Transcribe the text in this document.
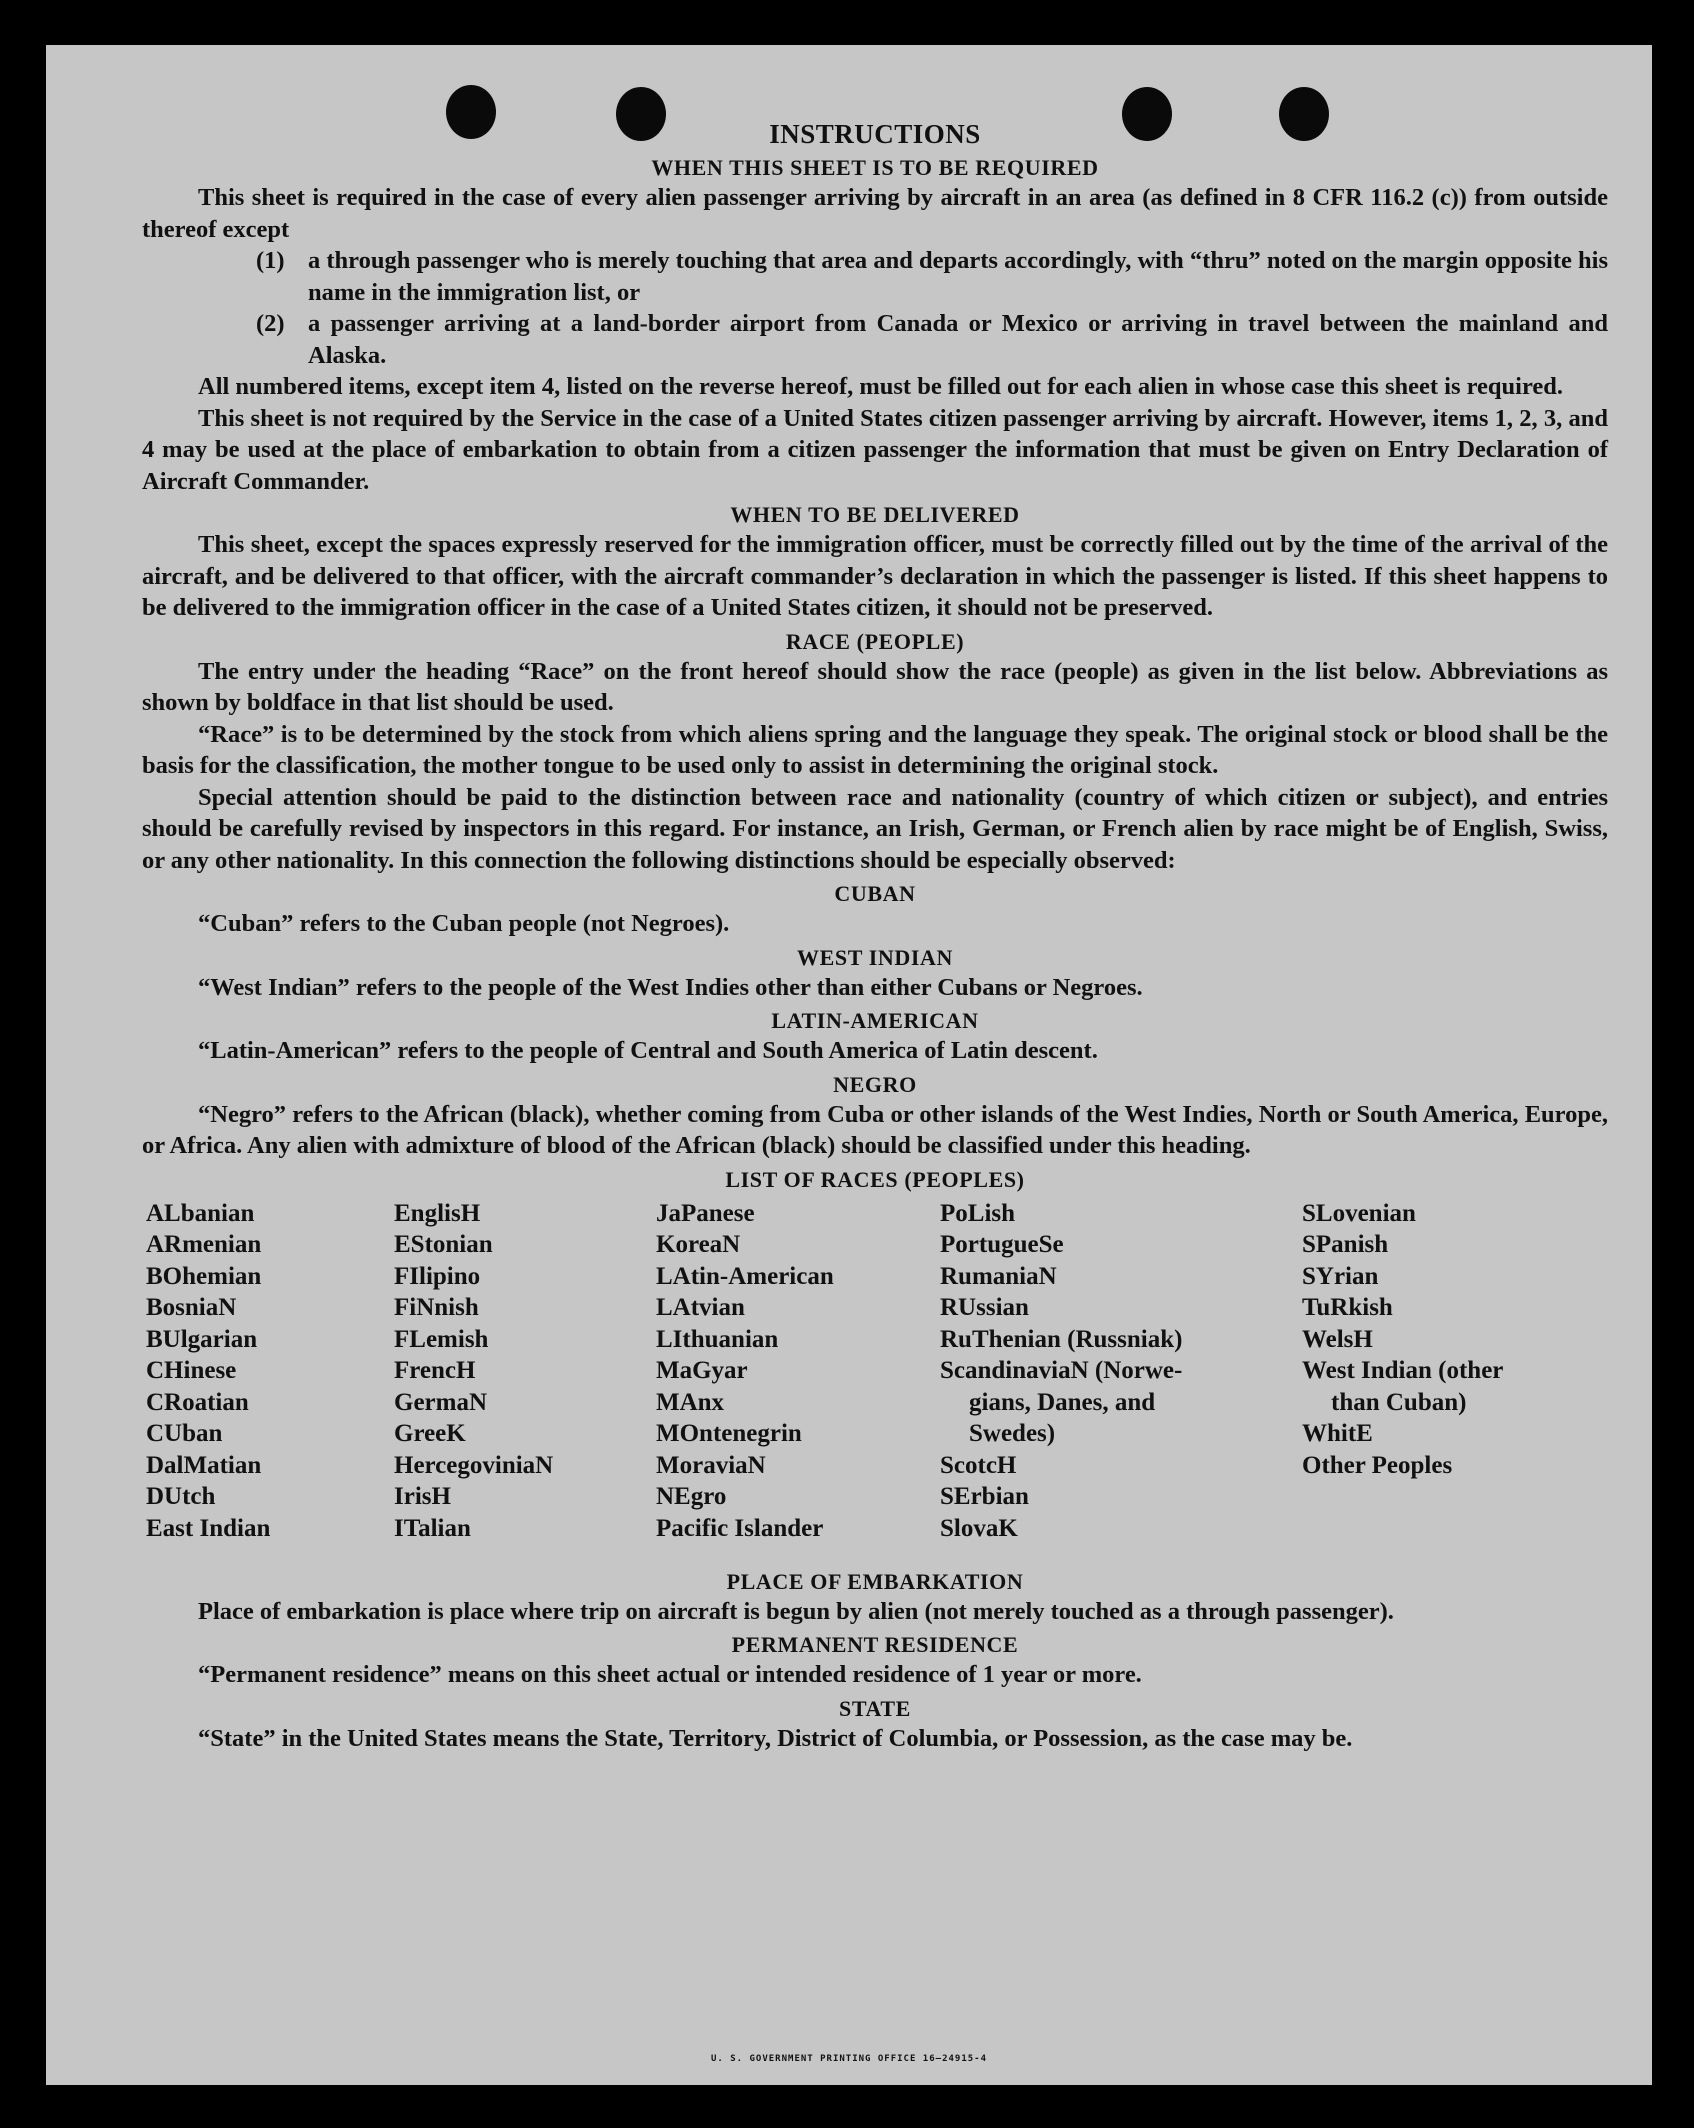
INSTRUCTIONS
WHEN THIS SHEET IS TO BE REQUIRED

This sheet is required in the case of every alien passenger arriving by aircraft in an area (as defined in 8 CFR 116.2 (c)) from outside thereof except

(1) a through passenger who is merely touching that area and departs accordingly, with “thru” noted on the margin opposite his name in the immigration list, or
(2) a passenger arriving at a land-border airport from Canada or Mexico or arriving in travel between the mainland and Alaska.

All numbered items, except item 4, listed on the reverse hereof, must be filled out for each alien in whose case this sheet is required.

This sheet is not required by the Service in the case of a United States citizen passenger arriving by aircraft. However, items 1, 2, 3, and 4 may be used at the place of embarkation to obtain from a citizen passenger the information that must be given on Entry Declaration of Aircraft Commander.

WHEN TO BE DELIVERED

This sheet, except the spaces expressly reserved for the immigration officer, must be correctly filled out by the time of the arrival of the aircraft, and be delivered to that officer, with the aircraft commander’s declaration in which the passenger is listed. If this sheet happens to be delivered to the immigration officer in the case of a United States citizen, it should not be preserved.

RACE (PEOPLE)

The entry under the heading “Race” on the front hereof should show the race (people) as given in the list below. Abbreviations as shown by boldface in that list should be used.

“Race” is to be determined by the stock from which aliens spring and the language they speak. The original stock or blood shall be the basis for the classification, the mother tongue to be used only to assist in determining the original stock.

Special attention should be paid to the distinction between race and nationality (country of which citizen or subject), and entries should be carefully revised by inspectors in this regard. For instance, an Irish, German, or French alien by race might be of English, Swiss, or any other nationality. In this connection the following distinctions should be especially observed:

CUBAN
“Cuban” refers to the Cuban people (not Negroes).
WEST INDIAN
“West Indian” refers to the people of the West Indies other than either Cubans or Negroes.
LATIN-AMERICAN
“Latin-American” refers to the people of Central and South America of Latin descent.
NEGRO

“Negro” refers to the African (black), whether coming from Cuba or other islands of the West Indies, North or South America, Europe, or Africa. Any alien with admixture of blood of the African (black) should be classified under this heading.

LIST OF RACES (PEOPLES)
ALbanian
ARmenian
BOhemian
BosniaN
BUlgarian
CHinese
CRoatian
CUban
DalMatian
DUtch
East Indian
EnglisH
EStonian
FIlipino
FiNnish
FLemish
FrencH
GermaN
GreeK
HercegoviniaN
IrisH
ITalian
JaPanese
KoreaN
LAtin-American
LAtvian
LIthuanian
MaGyar
MAnx
MOntenegrin
MoraviaN
NEgro
Pacific Islander
PoLish
PortugueSe
RumaniaN
RUssian
RuThenian (Russniak)
ScandinaviaN (Norwe-
gians, Danes, and
Swedes)
ScotcH
SErbian
SlovaK
SLovenian
SPanish
SYrian
TuRkish
WelsH
West Indian (other
than Cuban)
WhitE
Other Peoples
PLACE OF EMBARKATION

Place of embarkation is place where trip on aircraft is begun by alien (not merely touched as a through passenger).

PERMANENT RESIDENCE
“Permanent residence” means on this sheet actual or intended residence of 1 year or more.
STATE

“State” in the United States means the State, Territory, District of Columbia, or Possession, as the case may be.

U. S. GOVERNMENT PRINTING OFFICE 16—24915-4
